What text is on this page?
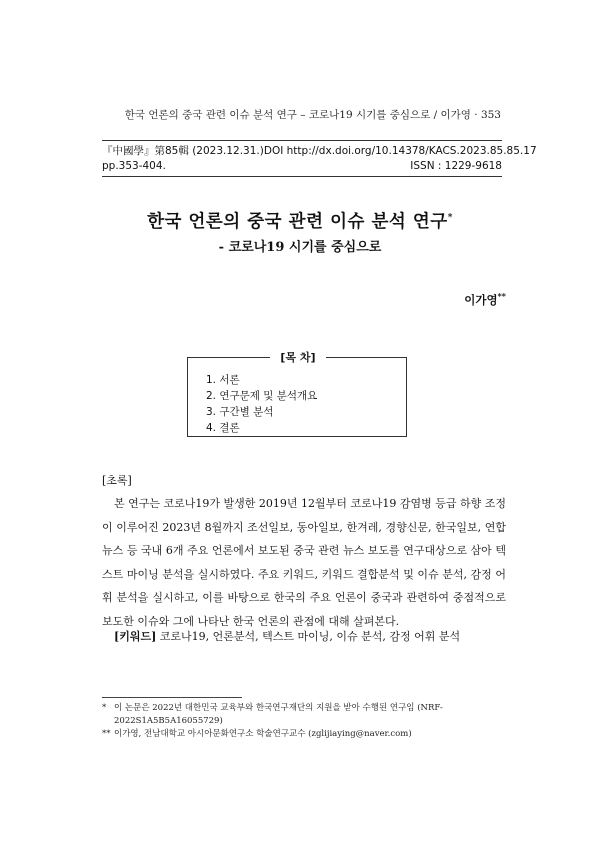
한국 언론의 중국 관련 이슈 분석 연구 – 코로나19 시기를 중심으로 / 이가영 · 353
『中國學』第85輯 (2023.12.31.) DOI http://dx.doi.org/10.14378/KACS.2023.85.85.17
pp.353-404.	ISSN : 1229-9618
한국 언론의 중국 관련 이슈 분석 연구*
- 코로나19 시기를 중심으로
이가영**
1. 서론
2. 연구문제 및 분석개요
3. 구간별 분석
4. 결론
[목 차]
[초록]

본 연구는 코로나19가 발생한 2019년 12월부터 코로나19 감염병 등급 하향 조정이 이루어진 2023년 8월까지 조선일보, 동아일보, 한겨레, 경향신문, 한국일보, 연합뉴스 등 국내 6개 주요 언론에서 보도된 중국 관련 뉴스 보도를 연구대상으로 삼아 텍스트 마이닝 분석을 실시하였다. 주요 키워드, 키워드 결합분석 및 이슈 분석, 감정 어휘 분석을 실시하고, 이를 바탕으로 한국의 주요 언론이 중국과 관련하여 중점적으로 보도한 이슈와 그에 나타난 한국 언론의 관점에 대해 살펴본다.

[키워드] 코로나19, 언론분석, 텍스트 마이닝, 이슈 분석, 감정 어휘 분석
* 이 논문은 2022년 대한민국 교육부와 한국연구재단의 지원을 받아 수행된 연구임 (NRF-2022S1A5B5A16055729)
** 이가영, 전남대학교 아시아문화연구소 학술연구교수 (zglijiaying@naver.com)
